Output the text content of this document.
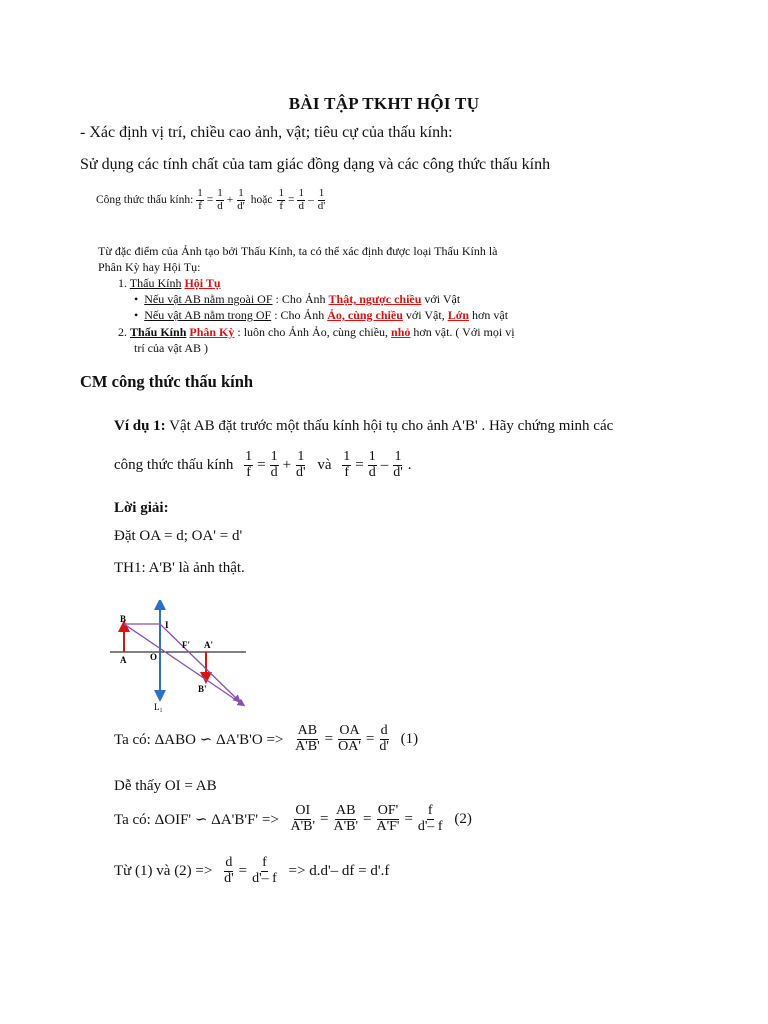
BÀI TẬP TKHT HỘI TỤ
- Xác định vị trí, chiều cao ảnh, vật; tiêu cự của thấu kính:
Sử dụng các tính chất của tam giác đồng dạng và các công thức thấu kính
Công thức thấu kính: $\frac{1}{f} = \frac{1}{d} + \frac{1}{d'}$ hoặc $\frac{1}{f} = \frac{1}{d} - \frac{1}{d'}$
Từ đặc điểm của Ảnh tạo bởi Thấu Kính, ta có thể xác định được loại Thấu Kính là
Phân Kỳ hay Hội Tụ:
1. Thấu Kính Hội Tụ
• Nếu vật AB nằm ngoài OF : Cho Ảnh Thật, ngược chiều với Vật
• Nếu vật AB nằm trong OF : Cho Ảnh Ảo, cùng chiều với Vật, Lớn hơn vật
2. Thấu Kính Phân Kỳ : luôn cho Ảnh Ảo, cùng chiều, nhỏ hơn vật. ( Với mọi vị
trí của vật AB )
CM công thức thấu kính
Ví dụ 1: Vật AB đặt trước một thấu kính hội tụ cho ảnh A'B' . Hãy chứng minh các
công thức thấu kính
$\frac{1}{f} = \frac{1}{d} + \frac{1}{d'}$
và
$\frac{1}{f} = \frac{1}{d} - \frac{1}{d'}$ .
Lời giải:
Đặt OA = d; OA' = d'
TH1: A'B' là ảnh thật.
B
I
F' A'
A	O
B'
L₁
Ta có: ΔABO ∽ ΔA'B'O =>
$\frac{AB}{A'B'} = \frac{OA}{OA'} = \frac{d}{d'}$
(1)
Dễ thấy OI = AB
Ta có: ΔOIF' ∽ ΔA'B'F' =>
$\frac{OI}{A'B'} = \frac{AB}{A'B'} = \frac{OF'}{A'F'} = \frac{f}{d'- f}$
(2)
Từ (1) và (2) =>
$\frac{d}{d'} = \frac{f}{d'- f}$
=> d.d'– df = d'.f
